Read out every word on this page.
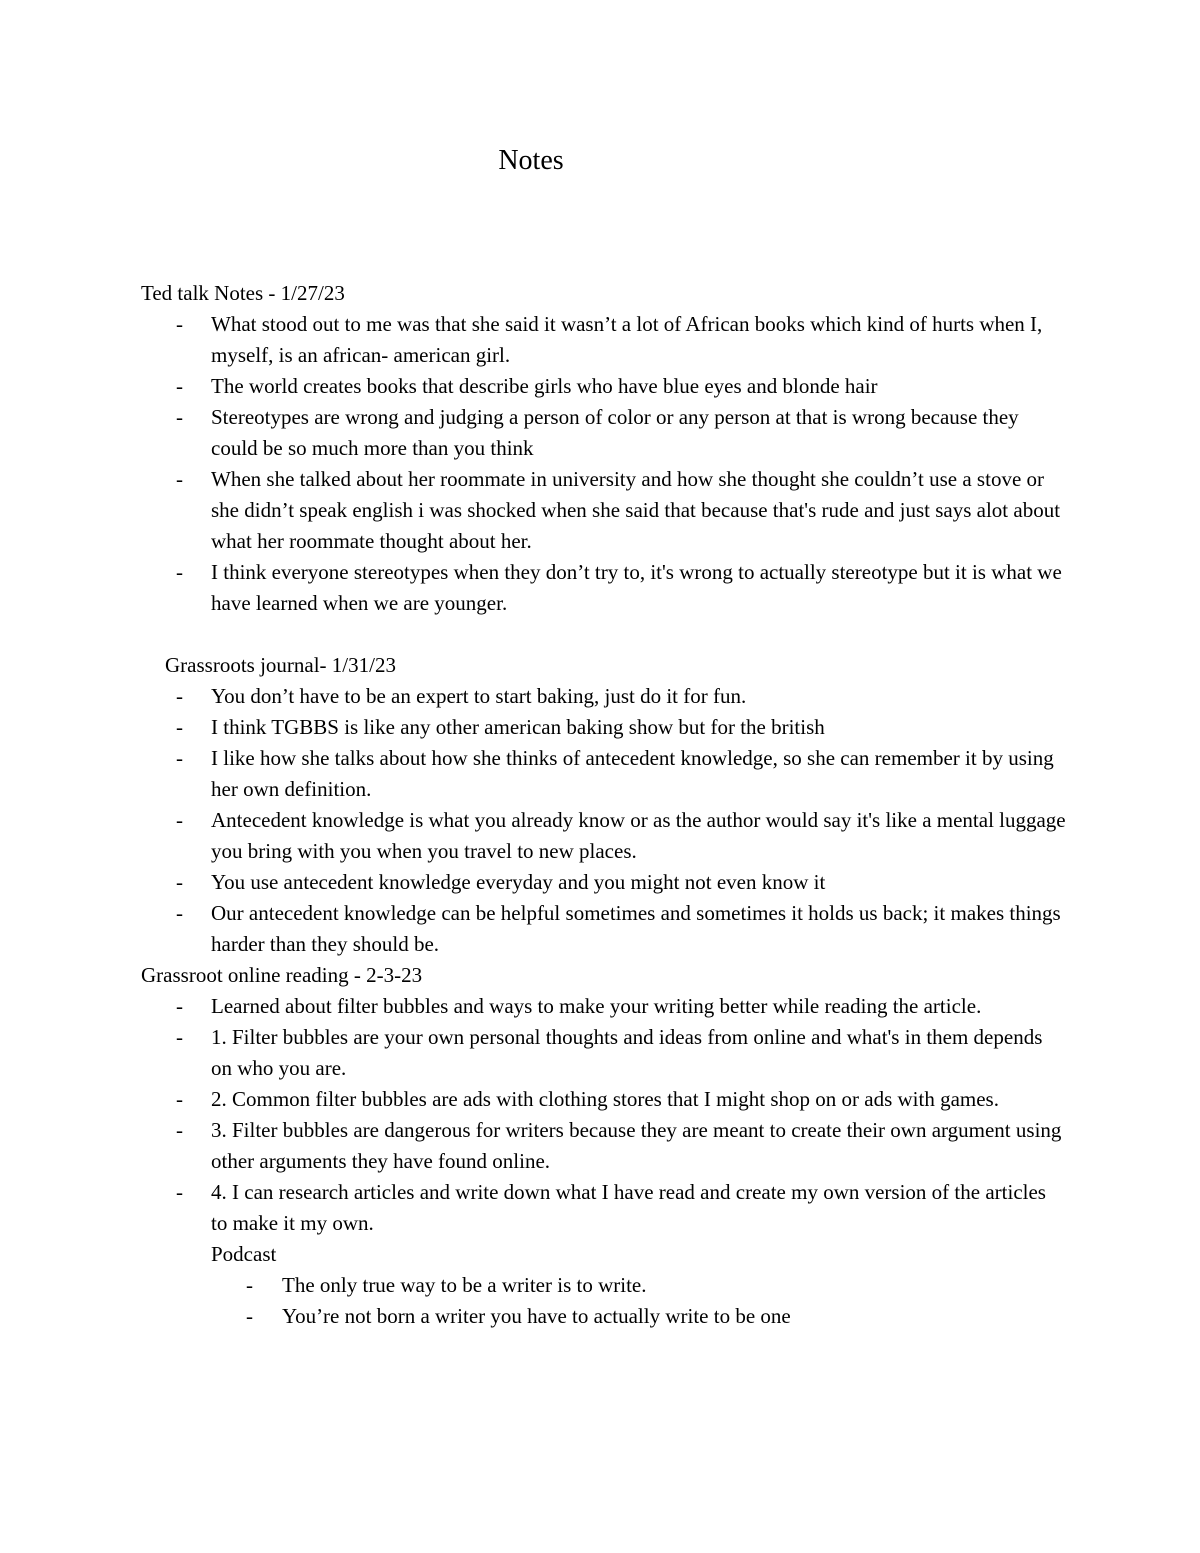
Notes

Ted talk Notes - 1/27/23

- What stood out to me was that she said it wasn’t a lot of African books which kind of hurts when I, myself, is an african- american girl.
- The world creates books that describe girls who have blue eyes and blonde hair
- Stereotypes are wrong and judging a person of color or any person at that is wrong because they could be so much more than you think
- When she talked about her roommate in university and how she thought she couldn’t use a stove or she didn’t speak english i was shocked when she said that because that's rude and just says alot about what her roommate thought about her.
- I think everyone stereotypes when they don’t try to, it's wrong to actually stereotype but it is what we have learned when we are younger.

Grassroots journal- 1/31/23

- You don’t have to be an expert to start baking, just do it for fun.
- I think TGBBS is like any other american baking show but for the british
- I like how she talks about how she thinks of antecedent knowledge, so she can remember it by using her own definition.
- Antecedent knowledge is what you already know or as the author would say it's like a mental luggage you bring with you when you travel to new places.
- You use antecedent knowledge everyday and you might not even know it
- Our antecedent knowledge can be helpful sometimes and sometimes it holds us back; it makes things harder than they should be.

Grassroot online reading - 2-3-23

- Learned about filter bubbles and ways to make your writing better while reading the article.
- 1. Filter bubbles are your own personal thoughts and ideas from online and what's in them depends on who you are.
- 2. Common filter bubbles are ads with clothing stores that I might shop on or ads with games.
- 3. Filter bubbles are dangerous for writers because they are meant to create their own argument using other arguments they have found online.
- 4. I can research articles and write down what I have read and create my own version of the articles to make it my own.

Podcast

- The only true way to be a writer is to write.
- You’re not born a writer you have to actually write to be one
